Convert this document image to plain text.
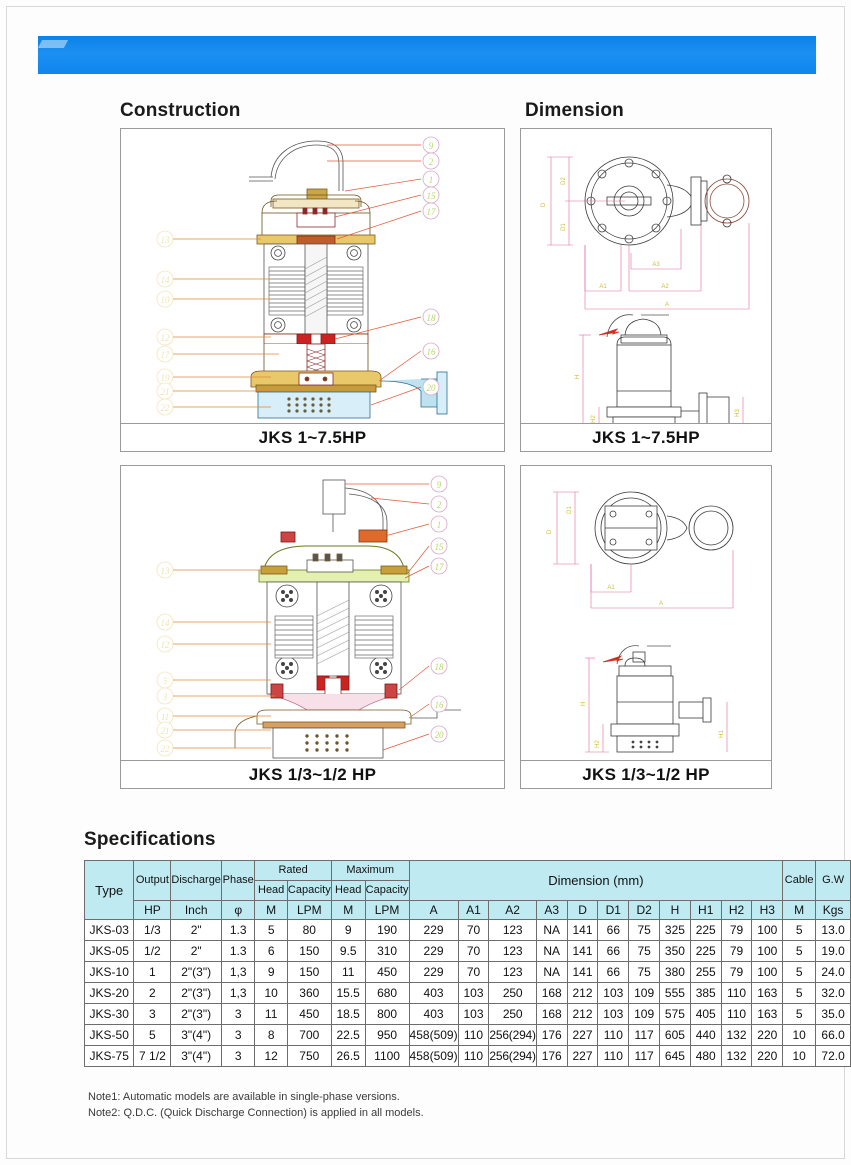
Construction	Dimension
Specifications
9
2
1
15
17
18
16
20
13
14
10
12
17
19
21
22
JKS 1~7.5HP
D
D2
D1
A3
A1	A2
A
H
H2
H3
JKS 1~7.5HP
9
2
1
15
17
18
16
20
13
14
12
5
3
11
21
22
JKS 1/3~1/2 HP
D
D1
A1
A
H
H2
H1
JKS 1/3~1/2 HP
Type	Output	Discharge	Phase	Rated		Maximum		Dimension (mm)											Cable	G.W
				Head	Capacity	Head	Capacity													
	HP	Inch	φ	M	LPM	M	LPM	A	A1	A2	A3	D	D1	D2	H	H1	H2	H3	M	Kgs
JKS-03	1/3	2"	1.3	5	80	9	190	229	70	123	NA	141	66	75	325	225	79	100	5	13.0
JKS-05	1/2	2"	1.3	6	150	9.5	310	229	70	123	NA	141	66	75	350	225	79	100	5	19.0
JKS-10	1	2"(3")	1,3	9	150	11	450	229	70	123	NA	141	66	75	380	255	79	100	5	24.0
JKS-20	2	2"(3")	1,3	10	360	15.5	680	403	103	250	168	212	103	109	555	385	110	163	5	32.0
JKS-30	3	2"(3")	3	11	450	18.5	800	403	103	250	168	212	103	109	575	405	110	163	5	35.0
JKS-50	5	3"(4")	3	8	700	22.5	950	458(509)	110	256(294)	176	227	110	117	605	440	132	220	10	66.0
JKS-75	7 1/2	3"(4")	3	12	750	26.5	1100	458(509)	110	256(294)	176	227	110	117	645	480	132	220	10	72.0
Note1: Automatic models are available in single-phase versions.
Note2: Q.D.C. (Quick Discharge Connection) is applied in all models.
